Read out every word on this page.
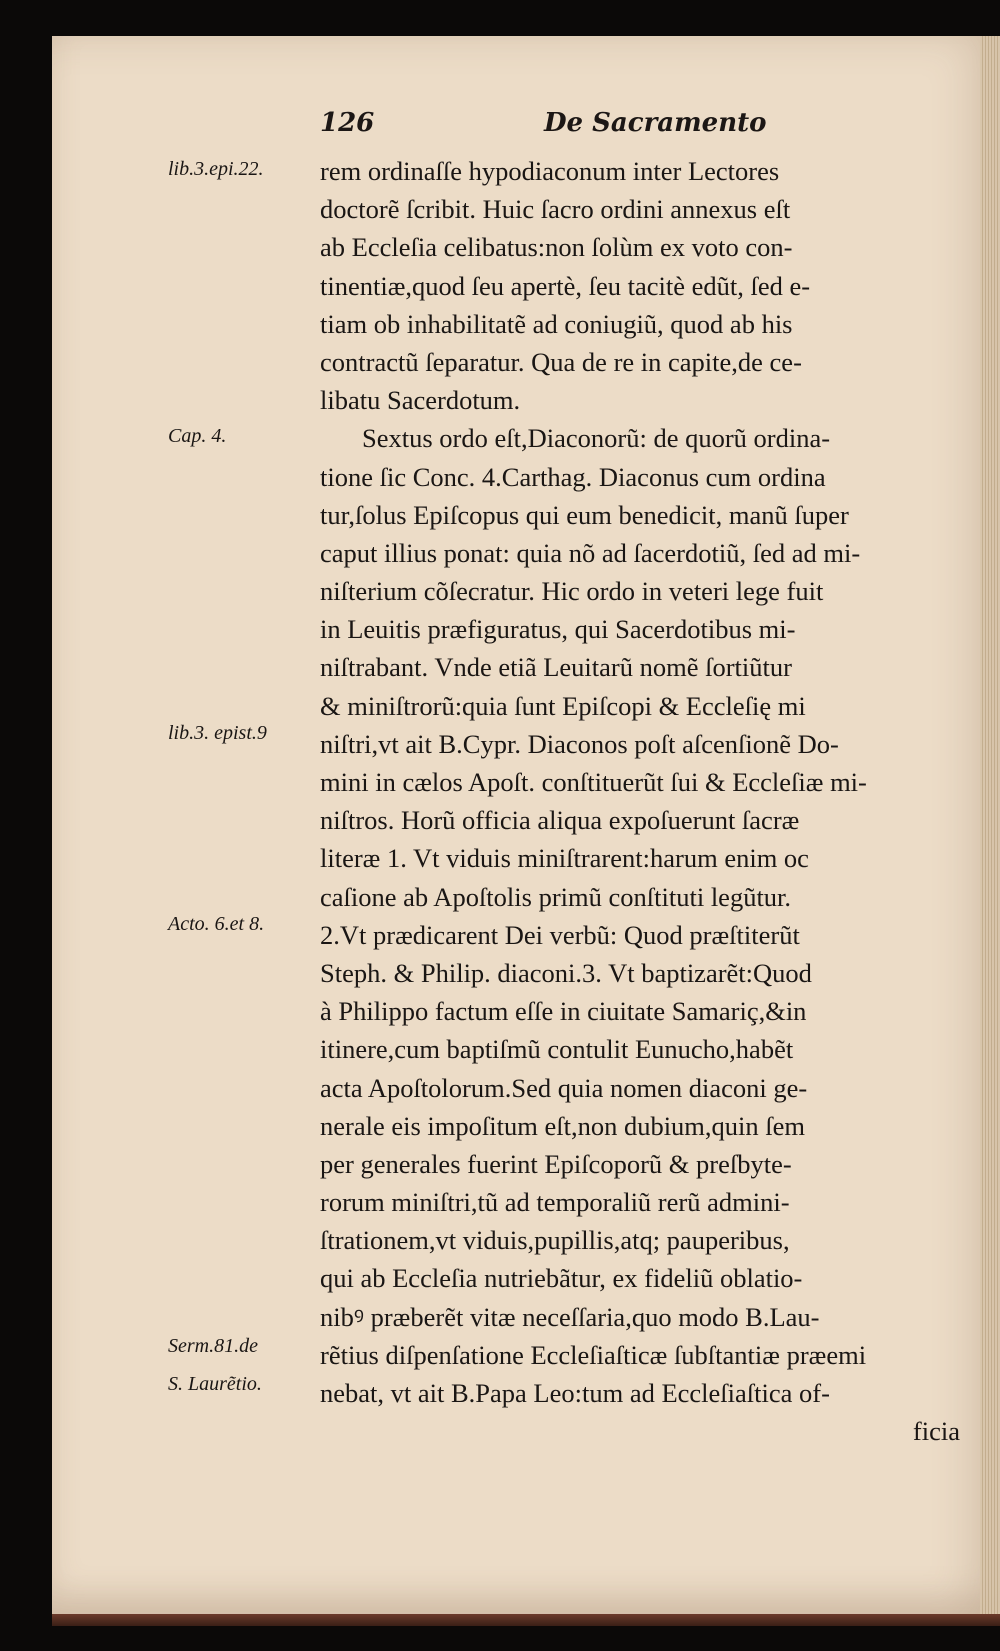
126	De Sacramento
lib.3.epi.22.
Cap. 4.
lib.3. epist.9
Acto. 6.et 8.
Serm.81.de
S. Laurẽtio.
rem ordinaſſe hypodiaconum inter Lectores
doctorẽ ſcribit. Huic ſacro ordini annexus eſt
ab Eccleſia celibatus:non ſolùm ex voto con-
tinentiæ,quod ſeu apertè, ſeu tacitè edũt, ſed e-
tiam ob inhabilitatẽ ad coniugiũ, quod ab his
contractũ ſeparatur. Qua de re in capite,de ce-
libatu Sacerdotum.
Sextus ordo eſt,Diaconorũ: de quorũ ordina-
tione ſic Conc. 4.Carthag. Diaconus cum ordina
tur,ſolus Epiſcopus qui eum benedicit, manũ ſuper
caput illius ponat: quia nõ ad ſacerdotiũ, ſed ad mi-
niſterium cõſecratur. Hic ordo in veteri lege fuit
in Leuitis præfiguratus, qui Sacerdotibus mi-
niſtrabant. Vnde etiã Leuitarũ nomẽ ſortiũtur
& miniſtrorũ:quia ſunt Epiſcopi & Eccleſię mi
niſtri,vt ait B.Cypr. Diaconos poſt aſcenſionẽ Do-
mini in cælos Apoſt. conſtituerũt ſui & Eccleſiæ mi-
niſtros. Horũ officia aliqua expoſuerunt ſacræ
literæ 1. Vt viduis miniſtrarent:harum enim oc
caſione ab Apoſtolis primũ conſtituti legũtur.
2.Vt prædicarent Dei verbũ: Quod præſtiterũt
Steph. & Philip. diaconi.3. Vt baptizarẽt:Quod
à Philippo factum eſſe in ciuitate Samariç,&in
itinere,cum baptiſmũ contulit Eunucho,habẽt
acta Apoſtolorum.Sed quia nomen diaconi ge-
nerale eis impoſitum eſt,non dubium,quin ſem
per generales fuerint Epiſcoporũ & preſbyte-
rorum miniſtri,tũ ad temporaliũ rerũ admini-
ſtrationem,vt viduis,pupillis,atq; pauperibus,
qui ab Eccleſia nutriebãtur, ex fideliũ oblatio-
nibꝰ præberẽt vitæ neceſſaria,quo modo B.Lau-
rẽtius diſpenſatione Eccleſiaſticæ ſubſtantiæ præemi
nebat, vt ait B.Papa Leo:tum ad Eccleſiaſtica of-
ficia
